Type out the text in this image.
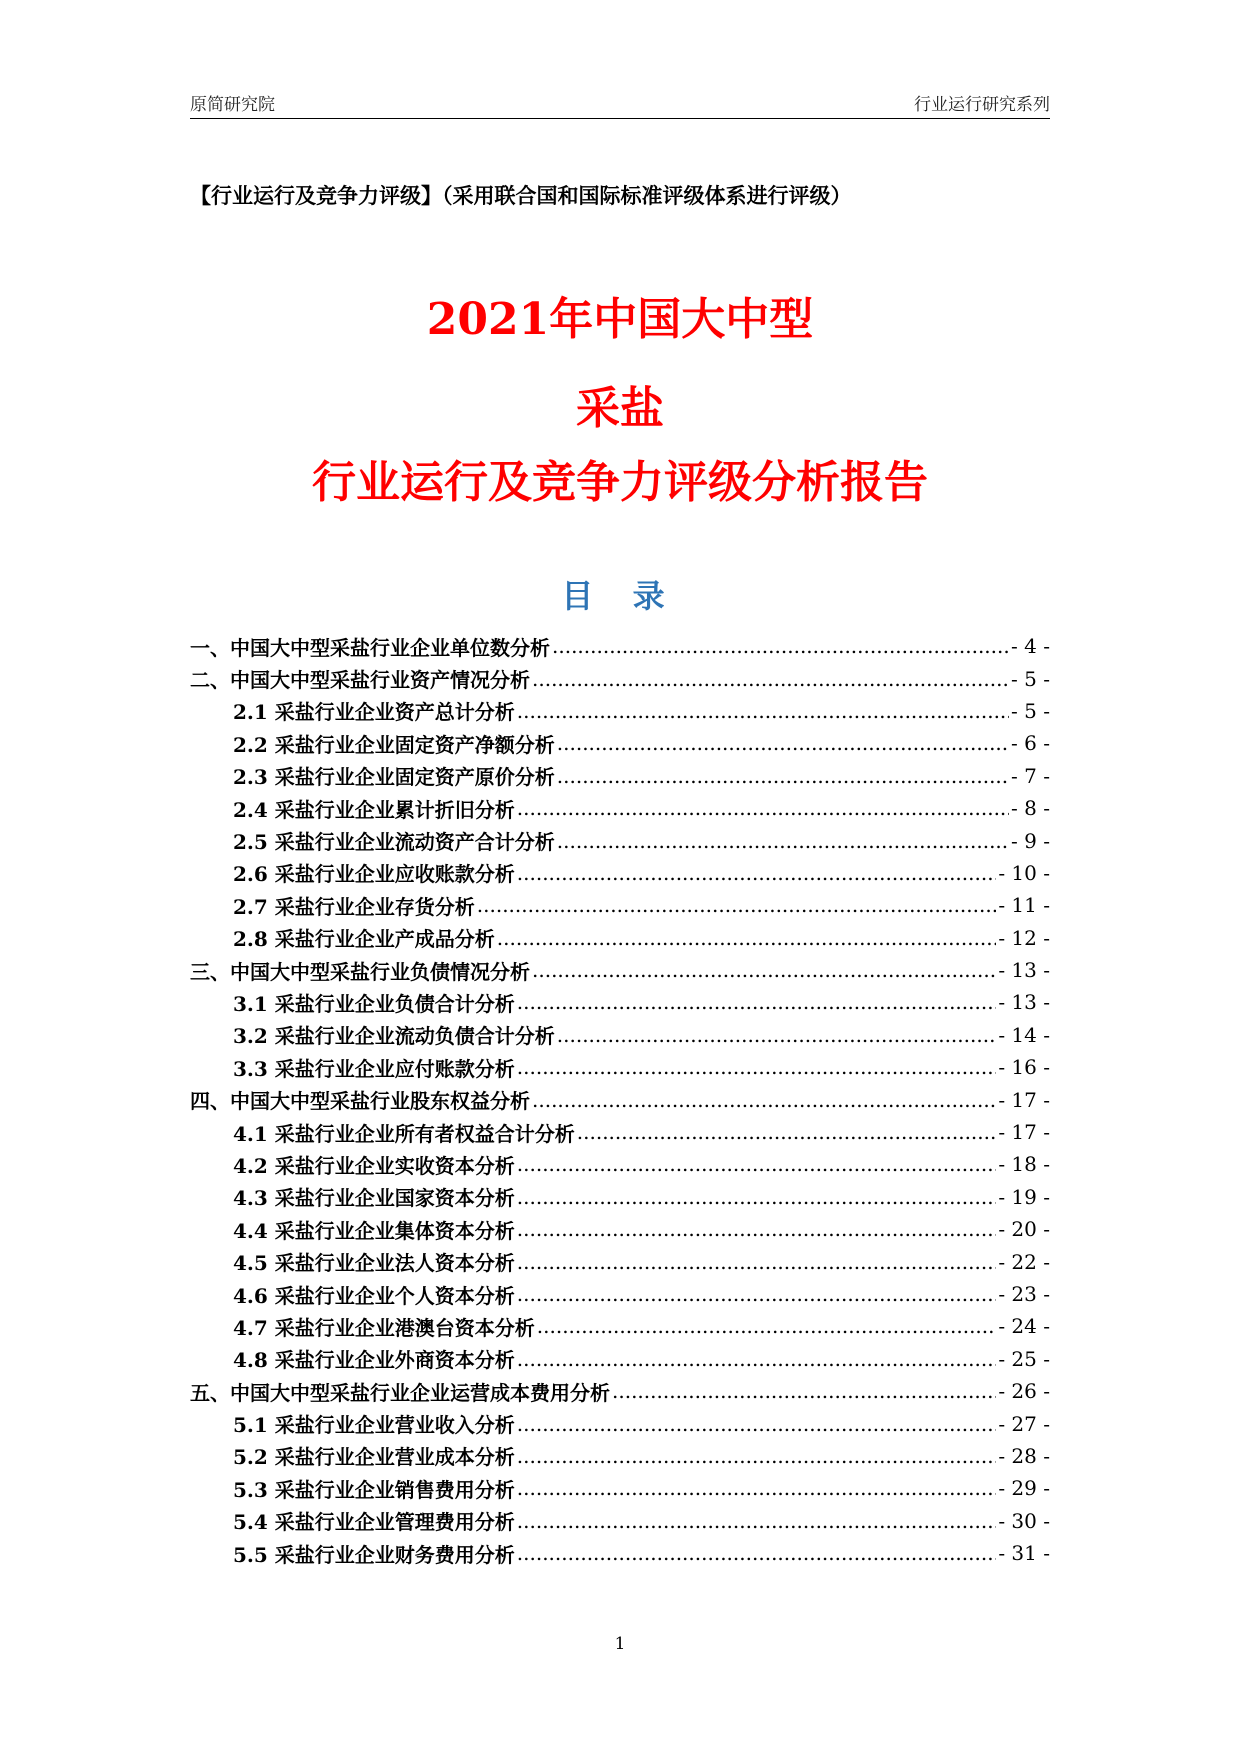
原简研究院	行业运行研究系列
【行业运行及竞争力评级】（采用联合国和国际标准评级体系进行评级）
2021年中国大中型
采盐
行业运行及竞争力评级分析报告
目 录
一、中国大中型采盐行业企业单位数分析 .....	- 4 -
二、中国大中型采盐行业资产情况分析 .....	- 5 -
2.1 采盐行业企业资产总计分析 .....	- 5 -
2.2 采盐行业企业固定资产净额分析 .....	- 6 -
2.3 采盐行业企业固定资产原价分析 .....	- 7 -
2.4 采盐行业企业累计折旧分析 .....	- 8 -
2.5 采盐行业企业流动资产合计分析 .....	- 9 -
2.6 采盐行业企业应收账款分析 .....	- 10 -
2.7 采盐行业企业存货分析 .....	- 11 -
2.8 采盐行业企业产成品分析 .....	- 12 -
三、中国大中型采盐行业负债情况分析 .....	- 13 -
3.1 采盐行业企业负债合计分析 .....	- 13 -
3.2 采盐行业企业流动负债合计分析 .....	- 14 -
3.3 采盐行业企业应付账款分析 .....	- 16 -
四、中国大中型采盐行业股东权益分析 .....	- 17 -
4.1 采盐行业企业所有者权益合计分析 .....	- 17 -
4.2 采盐行业企业实收资本分析 .....	- 18 -
4.3 采盐行业企业国家资本分析 .....	- 19 -
4.4 采盐行业企业集体资本分析 .....	- 20 -
4.5 采盐行业企业法人资本分析 .....	- 22 -
4.6 采盐行业企业个人资本分析 .....	- 23 -
4.7 采盐行业企业港澳台资本分析 .....	- 24 -
4.8 采盐行业企业外商资本分析 .....	- 25 -
五、中国大中型采盐行业企业运营成本费用分析 .....	- 26 -
5.1 采盐行业企业营业收入分析 .....	- 27 -
5.2 采盐行业企业营业成本分析 .....	- 28 -
5.3 采盐行业企业销售费用分析 .....	- 29 -
5.4 采盐行业企业管理费用分析 .....	- 30 -
5.5 采盐行业企业财务费用分析 .....	- 31 -
1
